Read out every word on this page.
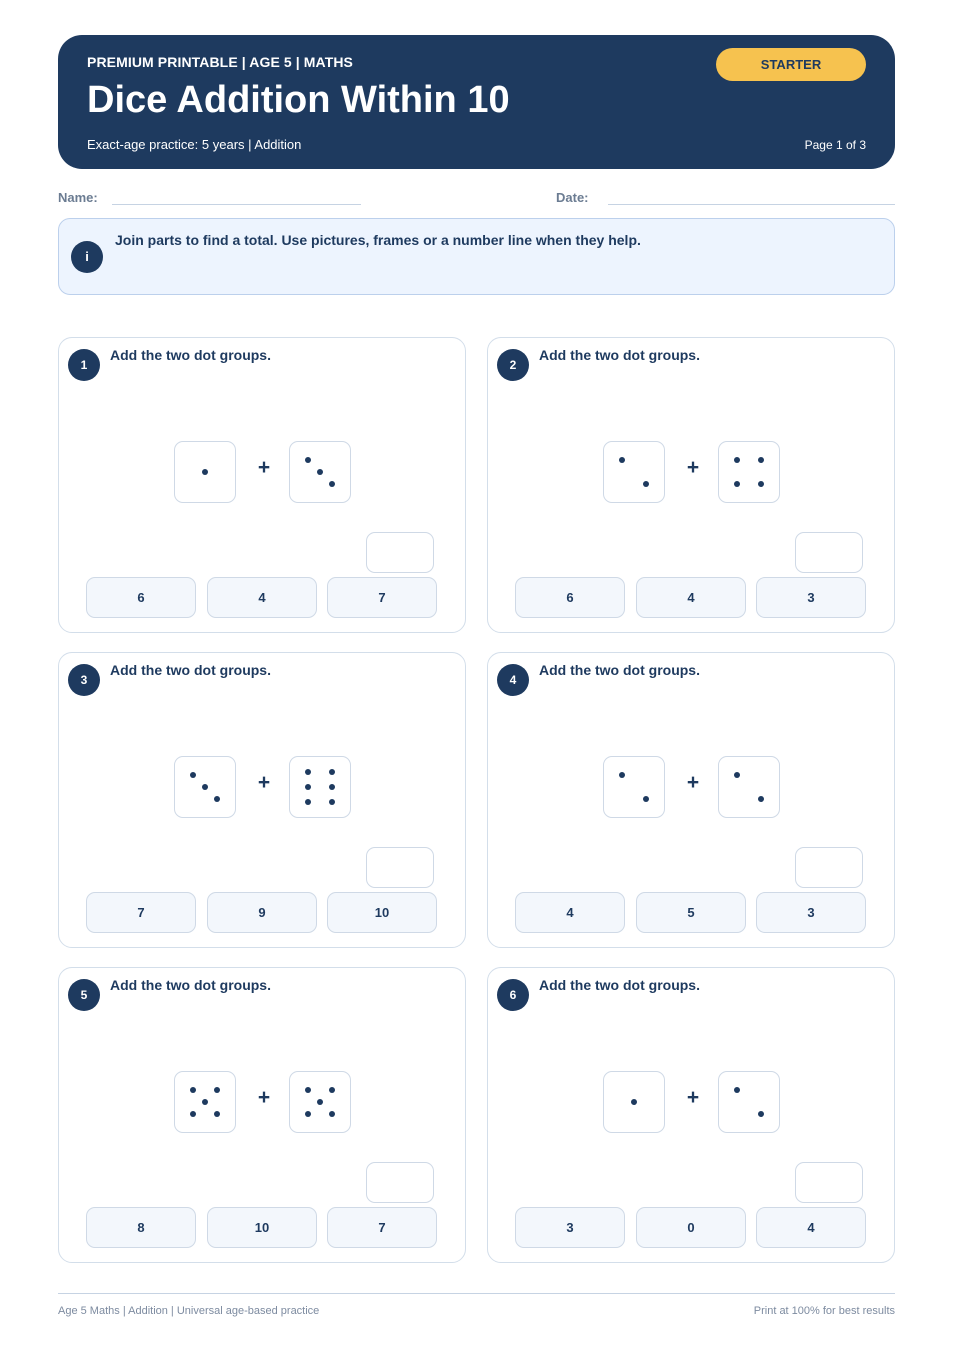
PREMIUM PRINTABLE | AGE 5 | MATHS
Dice Addition Within 10
Exact-age practice: 5 years | Addition	Page 1 of 3
STARTER
Name:	Date:
i
Join parts to find a total. Use pictures, frames or a number line when they help.
1
Add the two dot groups.
+
6	4	7
2
Add the two dot groups.
+
6	4	3
3
Add the two dot groups.
+
7	9	10
4
Add the two dot groups.
+
4	5	3
5
Add the two dot groups.
+
8	10	7
6
Add the two dot groups.
+
3	0	4
Age 5 Maths | Addition | Universal age-based practice	Print at 100% for best results
